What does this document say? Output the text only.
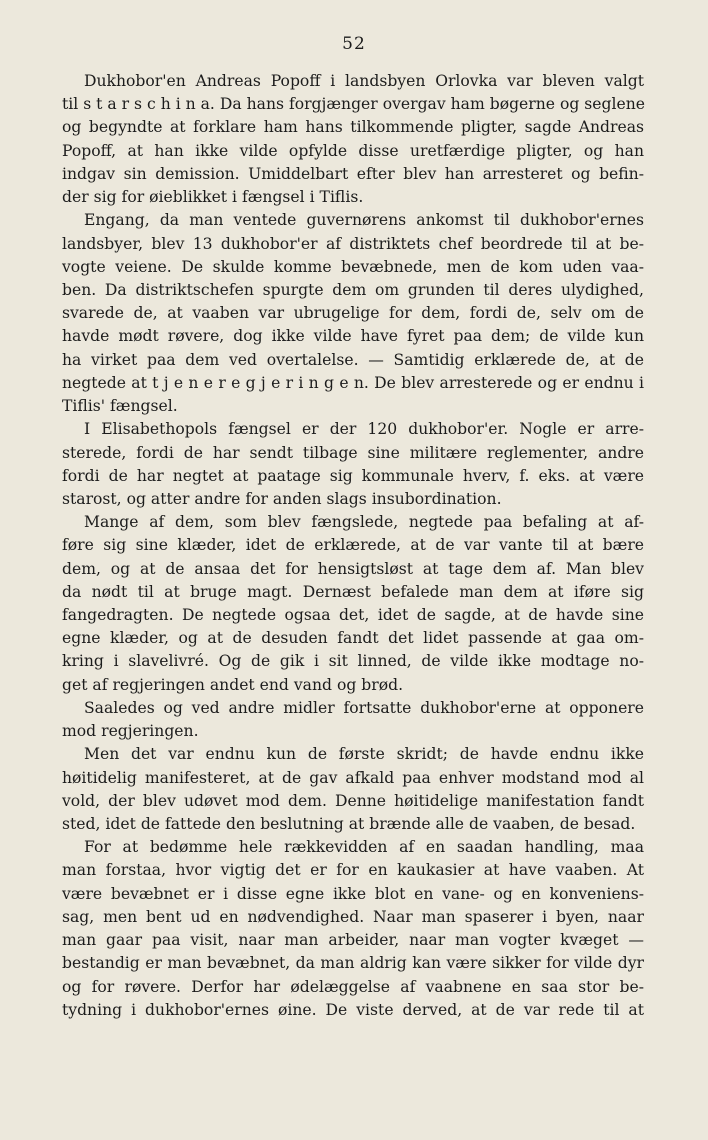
52
Dukhobor'en Andreas Popoff i landsbyen Orlovka var bleven valgt
til s t a r s c h i n a. Da hans forgjænger overgav ham bøgerne og seglene
og begyndte at forklare ham hans tilkommende pligter, sagde Andreas
Popoff, at han ikke vilde opfylde disse uretfærdige pligter, og han
indgav sin demission. Umiddelbart efter blev han arresteret og befin-
der sig for øieblikket i fængsel i Tiflis.
Engang, da man ventede guvernørens ankomst til dukhobor'ernes
landsbyer, blev 13 dukhobor'er af distriktets chef beordrede til at be-
vogte veiene. De skulde komme bevæbnede, men de kom uden vaa-
ben. Da distriktschefen spurgte dem om grunden til deres ulydighed,
svarede de, at vaaben var ubrugelige for dem, fordi de, selv om de
havde mødt røvere, dog ikke vilde have fyret paa dem; de vilde kun
ha virket paa dem ved overtalelse. — Samtidig erklærede de, at de
negtede at t j e n e r e g j e r i n g e n. De blev arresterede og er endnu i
Tiflis' fængsel.
I Elisabethopols fængsel er der 120 dukhobor'er. Nogle er arre-
sterede, fordi de har sendt tilbage sine militære reglementer, andre
fordi de har negtet at paatage sig kommunale hverv, f. eks. at være
starost, og atter andre for anden slags insubordination.
Mange af dem, som blev fængslede, negtede paa befaling at af-
føre sig sine klæder, idet de erklærede, at de var vante til at bære
dem, og at de ansaa det for hensigtsløst at tage dem af. Man blev
da nødt til at bruge magt. Dernæst befalede man dem at iføre sig
fangedragten. De negtede ogsaa det, idet de sagde, at de havde sine
egne klæder, og at de desuden fandt det lidet passende at gaa om-
kring i slavelivré. Og de gik i sit linned, de vilde ikke modtage no-
get af regjeringen andet end vand og brød.
Saaledes og ved andre midler fortsatte dukhobor'erne at opponere
mod regjeringen.
Men det var endnu kun de første skridt; de havde endnu ikke
høitidelig manifesteret, at de gav afkald paa enhver modstand mod al
vold, der blev udøvet mod dem. Denne høitidelige manifestation fandt
sted, idet de fattede den beslutning at brænde alle de vaaben, de besad.
For at bedømme hele rækkevidden af en saadan handling, maa
man forstaa, hvor vigtig det er for en kaukasier at have vaaben. At
være bevæbnet er i disse egne ikke blot en vane- og en konveniens-
sag, men bent ud en nødvendighed. Naar man spaserer i byen, naar
man gaar paa visit, naar man arbeider, naar man vogter kvæget —
bestandig er man bevæbnet, da man aldrig kan være sikker for vilde dyr
og for røvere. Derfor har ødelæggelse af vaabnene en saa stor be-
tydning i dukhobor'ernes øine. De viste derved, at de var rede til at
